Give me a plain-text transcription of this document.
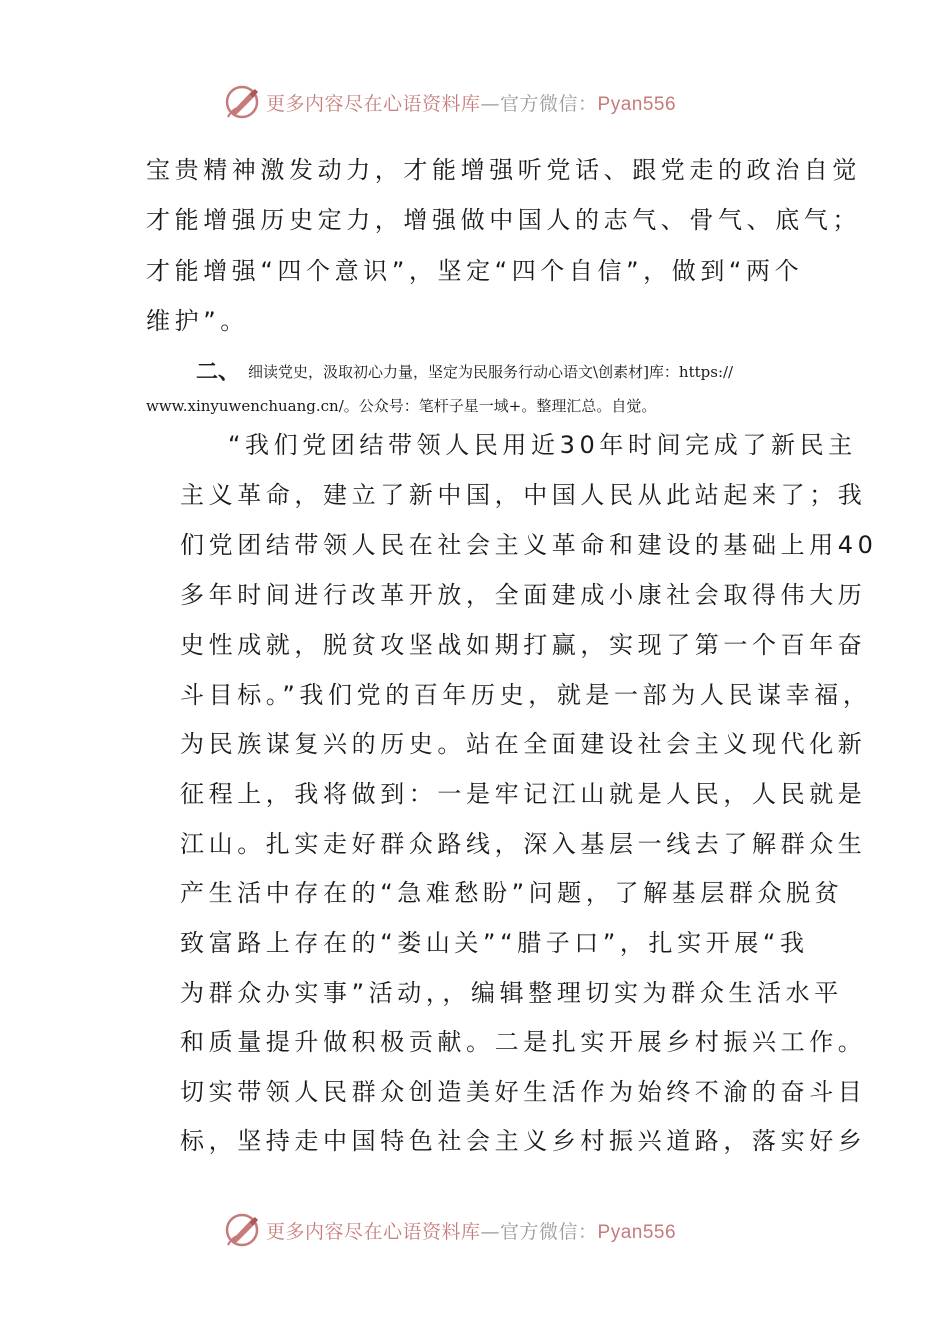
更多内容尽在心语资料库—官方微信：Pyan556
宝贵精神激发动力，才能增强听党话、跟党走的政治自觉
才能增强历史定力，增强做中国人的志气、骨气、底气；
才能增强“四个意识”，坚定“四个自信”，做到“两个
维护”。
二、 细读党史，汲取初心力量，坚定为民服务行动心语文\创素材]库：https://
www.xinyuwenchuang.cn/。公众号：笔杆子星一域+。整理汇总。自觉。
“我们党团结带领人民用近30年时间完成了新民主
主义革命，建立了新中国，中国人民从此站起来了；我
们党团结带领人民在社会主义革命和建设的基础上用40
多年时间进行改革开放，全面建成小康社会取得伟大历
史性成就，脱贫攻坚战如期打赢，实现了第一个百年奋
斗目标。”我们党的百年历史，就是一部为人民谋幸福，
为民族谋复兴的历史。站在全面建设社会主义现代化新
征程上，我将做到：一是牢记江山就是人民，人民就是
江山。扎实走好群众路线，深入基层一线去了解群众生
产生活中存在的“急难愁盼”问题，了解基层群众脱贫
致富路上存在的“娄山关”“腊子口”，扎实开展“我
为群众办实事”活动，，编辑整理切实为群众生活水平
和质量提升做积极贡献。二是扎实开展乡村振兴工作。
切实带领人民群众创造美好生活作为始终不渝的奋斗目
标，坚持走中国特色社会主义乡村振兴道路，落实好乡
更多内容尽在心语资料库—官方微信：Pyan556
